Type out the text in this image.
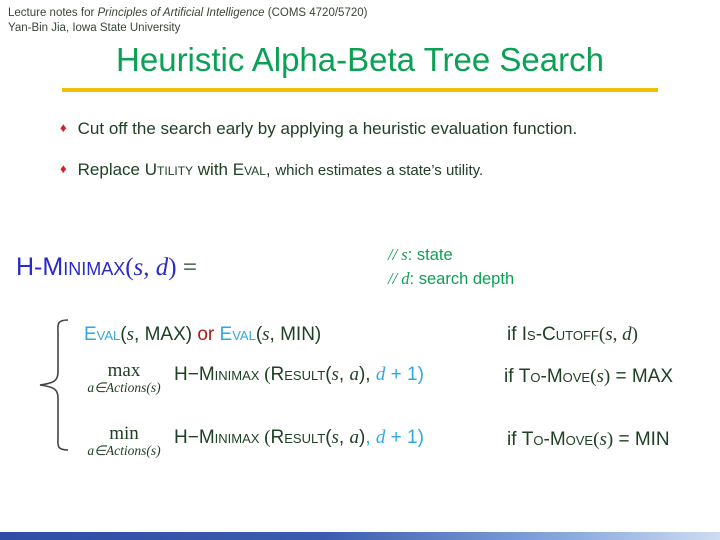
Lecture notes for Principles of Artificial Intelligence (COMS 4720/5720)
Yan-Bin Jia, Iowa State University
Heuristic Alpha-Beta Tree Search
♦ Cut off the search early by applying a heuristic evaluation function.
♦ Replace Utility with Eval, which estimates a state’s utility.
H-Minimax(s, d) =	// s: state
// d: search depth
Eval(s, MAX) or Eval(s, MIN)	if Is-Cutoff(s, d)
max
a∈Actions(s)
H−Minimax (Result(s, a), d + 1)	if To-Move(s) = MAX
min
a∈Actions(s)
H−Minimax (Result(s, a), d + 1)	if To-Move(s) = MIN
